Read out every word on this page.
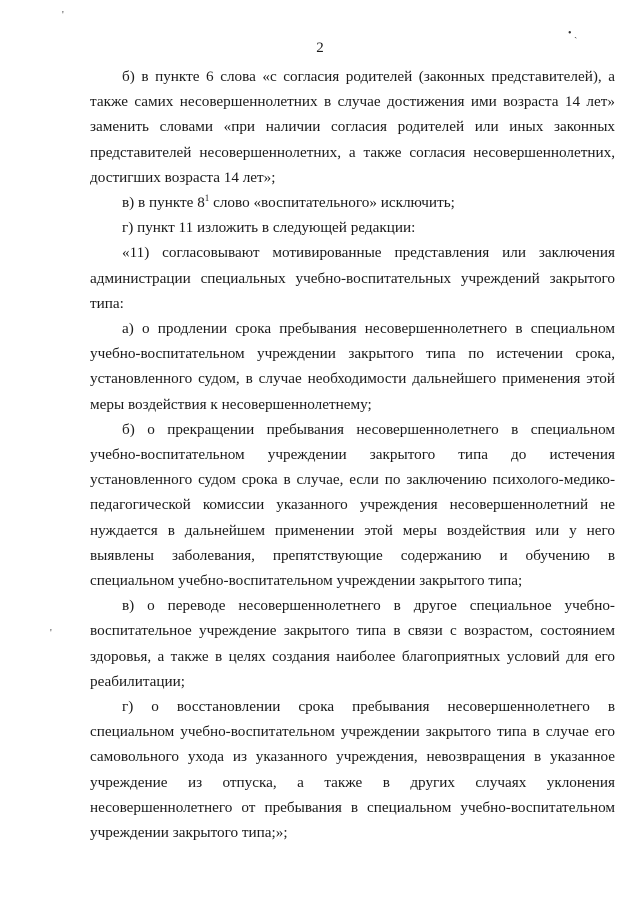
2
• ˎ
'
'

б) в пункте 6 слова «с согласия родителей (законных представителей), а также самих несовершеннолетних в случае достижения ими возраста 14 лет» заменить словами «при наличии согласия родителей или иных законных представителей несовершеннолетних, а также согласия несовершеннолетних, достигших возраста 14 лет»;

в) в пункте $8^1$ слово «воспитательного» исключить;

г) пункт 11 изложить в следующей редакции:

«11) согласовывают мотивированные представления или заключения администрации специальных учебно-воспитательных учреждений закрытого типа:

а) о продлении срока пребывания несовершеннолетнего в специальном учебно-воспитательном учреждении закрытого типа по истечении срока, установленного судом, в случае необходимости дальнейшего применения этой меры воздействия к несовершеннолетнему;

б) о прекращении пребывания несовершеннолетнего в специальном учебно-воспитательном учреждении закрытого типа до истечения установленного судом срока в случае, если по заключению психолого-медико-педагогической комиссии указанного учреждения несовершеннолетний не нуждается в дальнейшем применении этой меры воздействия или у него выявлены заболевания, препятствующие содержанию и обучению в специальном учебно-воспитательном учреждении закрытого типа;

в) о переводе несовершеннолетнего в другое специальное учебно-воспитательное учреждение закрытого типа в связи с возрастом, состоянием здоровья, а также в целях создания наиболее благоприятных условий для его реабилитации;

г) о восстановлении срока пребывания несовершеннолетнего в специальном учебно-воспитательном учреждении закрытого типа в случае его самовольного ухода из указанного учреждения, невозвращения в указанное учреждение из отпуска, а также в других случаях уклонения несовершеннолетнего от пребывания в специальном учебно-воспитательном учреждении закрытого типа;»;
